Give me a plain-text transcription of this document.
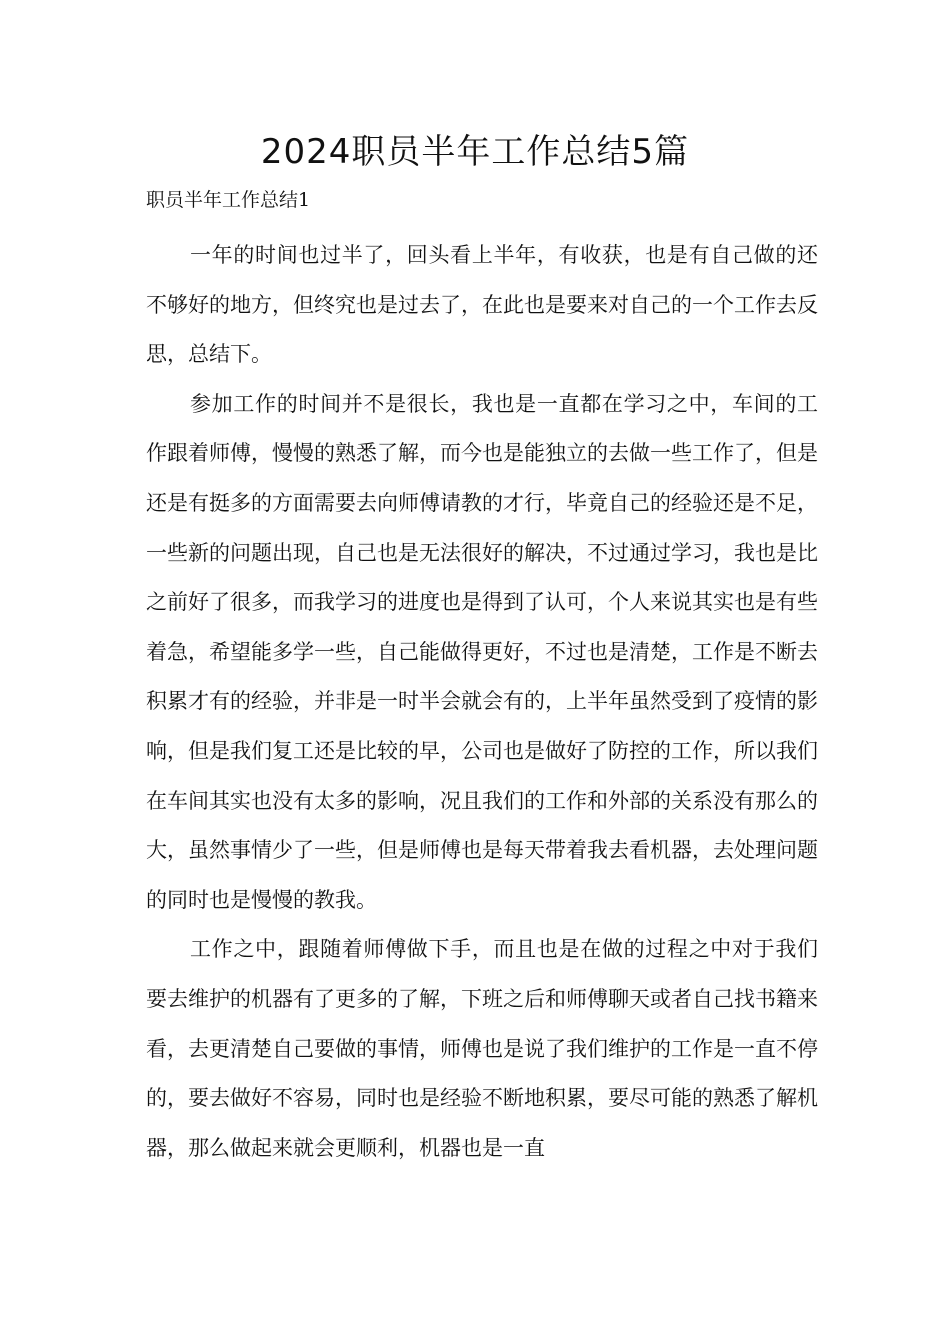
2024职员半年工作总结5篇

职员半年工作总结1

一年的时间也过半了，回头看上半年，有收获，也是有自己做的还不够好的地方，但终究也是过去了，在此也是要来对自己的一个工作去反思，总结下。

参加工作的时间并不是很长，我也是一直都在学习之中，车间的工作跟着师傅，慢慢的熟悉了解，而今也是能独立的去做一些工作了，但是还是有挺多的方面需要去向师傅请教的才行，毕竟自己的经验还是不足，一些新的问题出现，自己也是无法很好的解决，不过通过学习，我也是比之前好了很多，而我学习的进度也是得到了认可，个人来说其实也是有些着急，希望能多学一些，自己能做得更好，不过也是清楚，工作是不断去积累才有的经验，并非是一时半会就会有的，上半年虽然受到了疫情的影响，但是我们复工还是比较的早，公司也是做好了防控的工作，所以我们在车间其实也没有太多的影响，况且我们的工作和外部的关系没有那么的大，虽然事情少了一些，但是师傅也是每天带着我去看机器，去处理问题的同时也是慢慢的教我。

工作之中，跟随着师傅做下手，而且也是在做的过程之中对于我们要去维护的机器有了更多的了解，下班之后和师傅聊天或者自己找书籍来看，去更清楚自己要做的事情，师傅也是说了我们维护的工作是一直不停的，要去做好不容易，同时也是经验不断地积累，要尽可能的熟悉了解机器，那么做起来就会更顺利，机器也是一直
